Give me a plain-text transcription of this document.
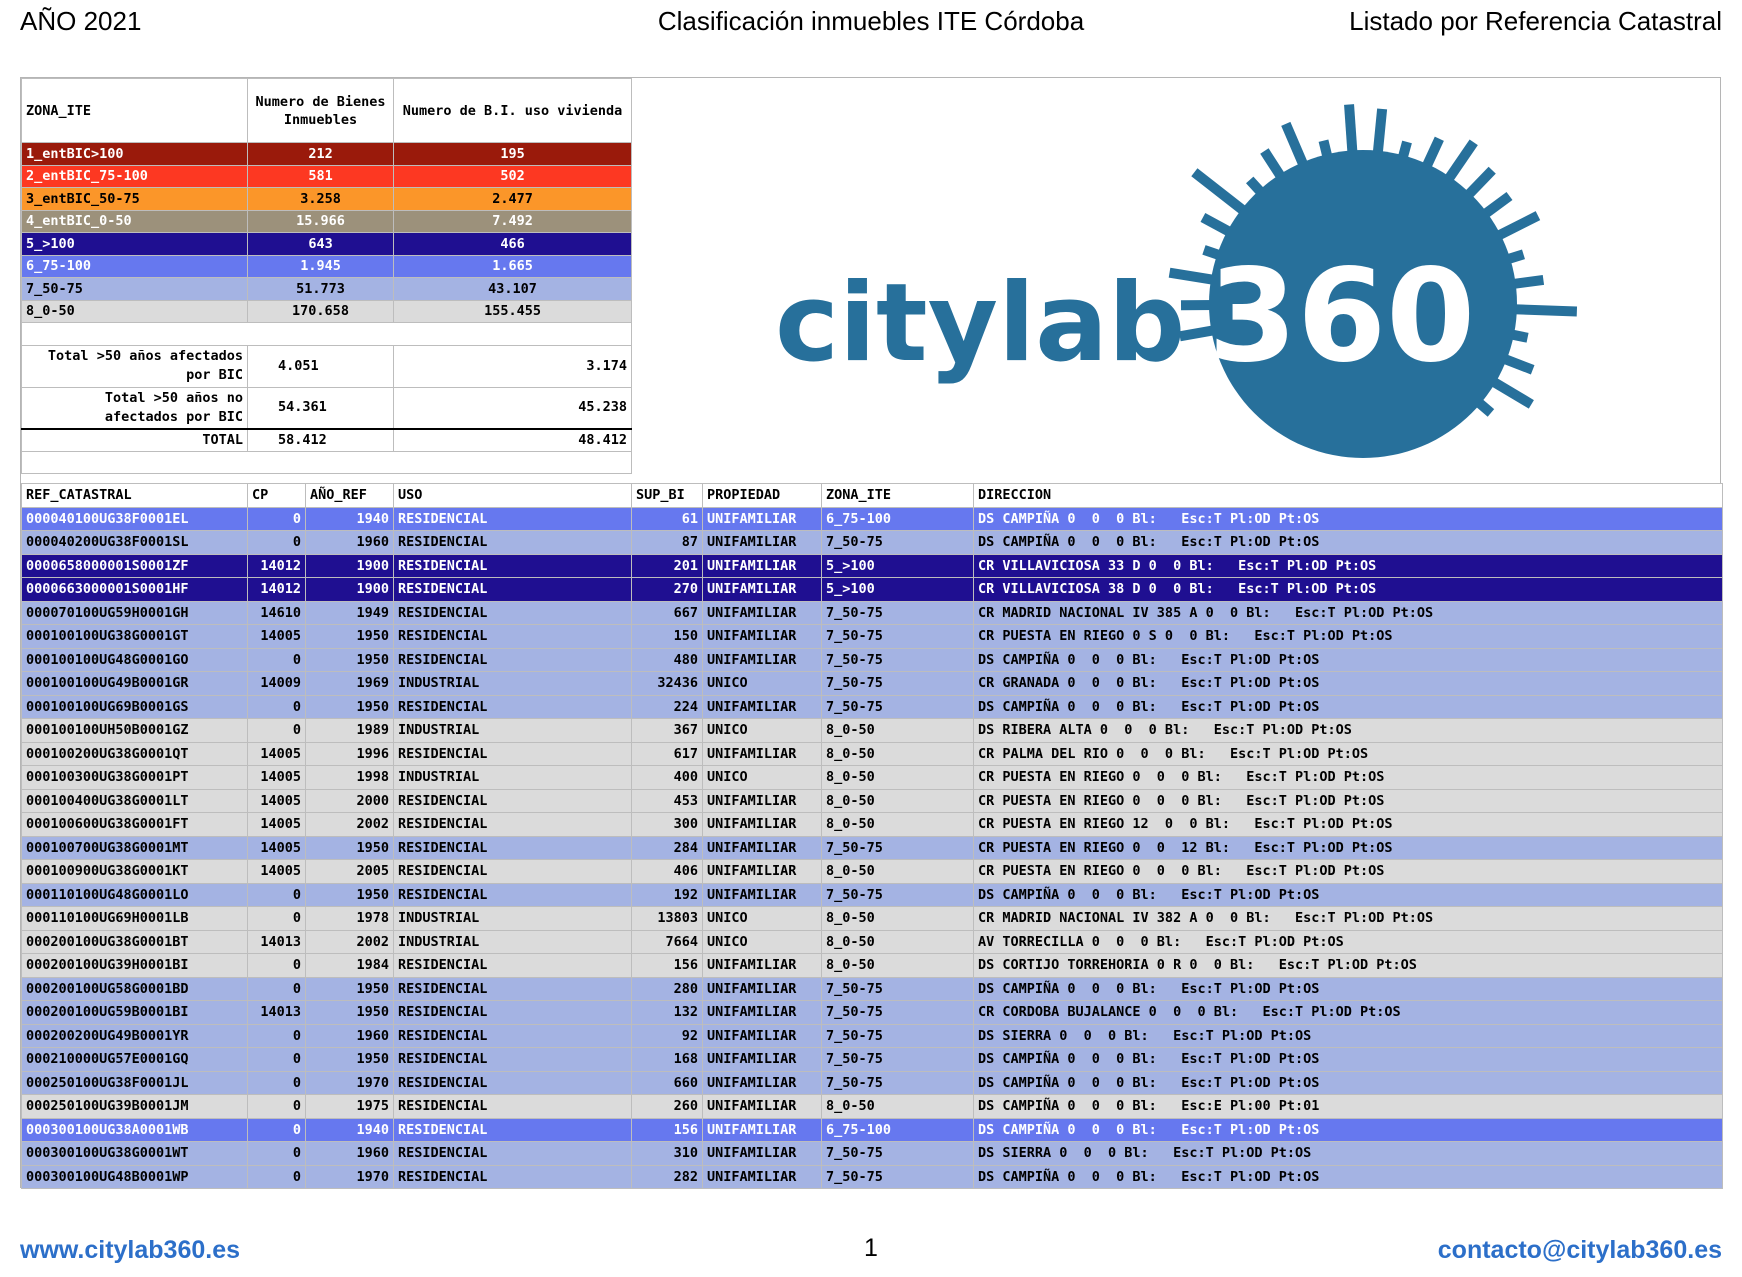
AÑO 2021	Clasificación inmuebles ITE Córdoba	Listado por Referencia Catastral
ZONA_ITE	Numero de Bienes Inmuebles	Numero de B.I. uso vivienda
1_entBIC>100	212	195
2_entBIC_75-100	581	502
3_entBIC_50-75	3.258	2.477
4_entBIC_0-50	15.966	7.492
5_>100	643	466
6_75-100	1.945	1.665
7_50-75	51.773	43.107
8_0-50	170.658	155.455

Total >50 años afectados por BIC	4.051	3.174
Total >50 años no afectados por BIC	54.361	45.238
TOTAL	58.412	48.412

citylab 360
REF_CATASTRAL	CP	AÑO_REF	USO	SUP_BI	PROPIEDAD	ZONA_ITE	DIRECCION
000040100UG38F0001EL	0	1940	RESIDENCIAL	61	UNIFAMILIAR	6_75-100	DS CAMPIÑA 0  0  0 Bl:   Esc:T Pl:OD Pt:OS
000040200UG38F0001SL	0	1960	RESIDENCIAL	87	UNIFAMILIAR	7_50-75	DS CAMPIÑA 0  0  0 Bl:   Esc:T Pl:OD Pt:OS
0000658000001S0001ZF	14012	1900	RESIDENCIAL	201	UNIFAMILIAR	5_>100	CR VILLAVICIOSA 33 D 0  0 Bl:   Esc:T Pl:OD Pt:OS
0000663000001S0001HF	14012	1900	RESIDENCIAL	270	UNIFAMILIAR	5_>100	CR VILLAVICIOSA 38 D 0  0 Bl:   Esc:T Pl:OD Pt:OS
000070100UG59H0001GH	14610	1949	RESIDENCIAL	667	UNIFAMILIAR	7_50-75	CR MADRID NACIONAL IV 385 A 0  0 Bl:   Esc:T Pl:OD Pt:OS
000100100UG38G0001GT	14005	1950	RESIDENCIAL	150	UNIFAMILIAR	7_50-75	CR PUESTA EN RIEGO 0 S 0  0 Bl:   Esc:T Pl:OD Pt:OS
000100100UG48G0001GO	0	1950	RESIDENCIAL	480	UNIFAMILIAR	7_50-75	DS CAMPIÑA 0  0  0 Bl:   Esc:T Pl:OD Pt:OS
000100100UG49B0001GR	14009	1969	INDUSTRIAL	32436	UNICO	7_50-75	CR GRANADA 0  0  0 Bl:   Esc:T Pl:OD Pt:OS
000100100UG69B0001GS	0	1950	RESIDENCIAL	224	UNIFAMILIAR	7_50-75	DS CAMPIÑA 0  0  0 Bl:   Esc:T Pl:OD Pt:OS
000100100UH50B0001GZ	0	1989	INDUSTRIAL	367	UNICO	8_0-50	DS RIBERA ALTA 0  0  0 Bl:   Esc:T Pl:OD Pt:OS
000100200UG38G0001QT	14005	1996	RESIDENCIAL	617	UNIFAMILIAR	8_0-50	CR PALMA DEL RIO 0  0  0 Bl:   Esc:T Pl:OD Pt:OS
000100300UG38G0001PT	14005	1998	INDUSTRIAL	400	UNICO	8_0-50	CR PUESTA EN RIEGO 0  0  0 Bl:   Esc:T Pl:OD Pt:OS
000100400UG38G0001LT	14005	2000	RESIDENCIAL	453	UNIFAMILIAR	8_0-50	CR PUESTA EN RIEGO 0  0  0 Bl:   Esc:T Pl:OD Pt:OS
000100600UG38G0001FT	14005	2002	RESIDENCIAL	300	UNIFAMILIAR	8_0-50	CR PUESTA EN RIEGO 12  0  0 Bl:   Esc:T Pl:OD Pt:OS
000100700UG38G0001MT	14005	1950	RESIDENCIAL	284	UNIFAMILIAR	7_50-75	CR PUESTA EN RIEGO 0  0  12 Bl:   Esc:T Pl:OD Pt:OS
000100900UG38G0001KT	14005	2005	RESIDENCIAL	406	UNIFAMILIAR	8_0-50	CR PUESTA EN RIEGO 0  0  0 Bl:   Esc:T Pl:OD Pt:OS
000110100UG48G0001LO	0	1950	RESIDENCIAL	192	UNIFAMILIAR	7_50-75	DS CAMPIÑA 0  0  0 Bl:   Esc:T Pl:OD Pt:OS
000110100UG69H0001LB	0	1978	INDUSTRIAL	13803	UNICO	8_0-50	CR MADRID NACIONAL IV 382 A 0  0 Bl:   Esc:T Pl:OD Pt:OS
000200100UG38G0001BT	14013	2002	INDUSTRIAL	7664	UNICO	8_0-50	AV TORRECILLA 0  0  0 Bl:   Esc:T Pl:OD Pt:OS
000200100UG39H0001BI	0	1984	RESIDENCIAL	156	UNIFAMILIAR	8_0-50	DS CORTIJO TORREHORIA 0 R 0  0 Bl:   Esc:T Pl:OD Pt:OS
000200100UG58G0001BD	0	1950	RESIDENCIAL	280	UNIFAMILIAR	7_50-75	DS CAMPIÑA 0  0  0 Bl:   Esc:T Pl:OD Pt:OS
000200100UG59B0001BI	14013	1950	RESIDENCIAL	132	UNIFAMILIAR	7_50-75	CR CORDOBA BUJALANCE 0  0  0 Bl:   Esc:T Pl:OD Pt:OS
000200200UG49B0001YR	0	1960	RESIDENCIAL	92	UNIFAMILIAR	7_50-75	DS SIERRA 0  0  0 Bl:   Esc:T Pl:OD Pt:OS
000210000UG57E0001GQ	0	1950	RESIDENCIAL	168	UNIFAMILIAR	7_50-75	DS CAMPIÑA 0  0  0 Bl:   Esc:T Pl:OD Pt:OS
000250100UG38F0001JL	0	1970	RESIDENCIAL	660	UNIFAMILIAR	7_50-75	DS CAMPIÑA 0  0  0 Bl:   Esc:T Pl:OD Pt:OS
000250100UG39B0001JM	0	1975	RESIDENCIAL	260	UNIFAMILIAR	8_0-50	DS CAMPIÑA 0  0  0 Bl:   Esc:E Pl:00 Pt:01
000300100UG38A0001WB	0	1940	RESIDENCIAL	156	UNIFAMILIAR	6_75-100	DS CAMPIÑA 0  0  0 Bl:   Esc:T Pl:OD Pt:OS
000300100UG38G0001WT	0	1960	RESIDENCIAL	310	UNIFAMILIAR	7_50-75	DS SIERRA 0  0  0 Bl:   Esc:T Pl:OD Pt:OS
000300100UG48B0001WP	0	1970	RESIDENCIAL	282	UNIFAMILIAR	7_50-75	DS CAMPIÑA 0  0  0 Bl:   Esc:T Pl:OD Pt:OS
www.citylab360.es	1	contacto@citylab360.es
